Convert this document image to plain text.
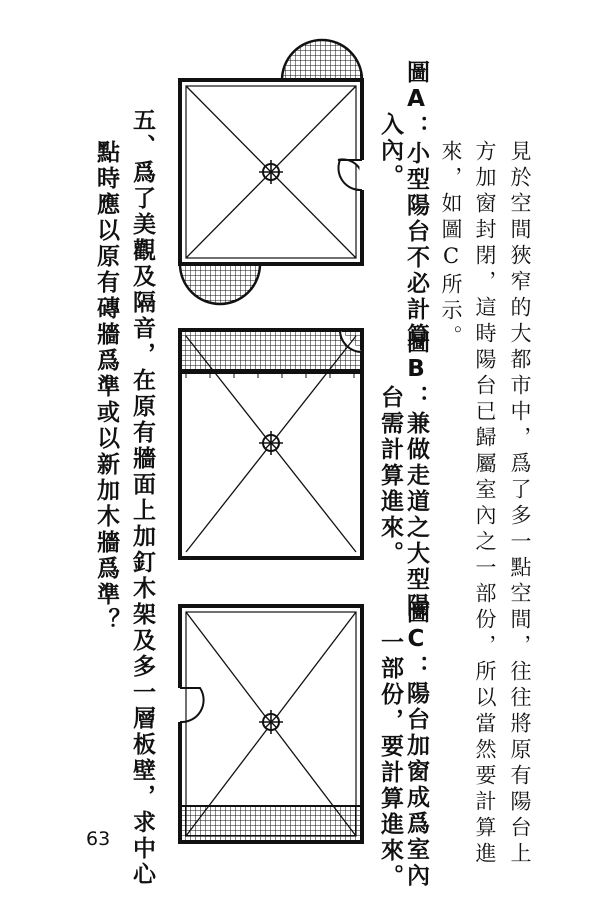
見於空間狹窄的大都市中，爲了多一點空間，往往將原有陽台上
方加窗封閉，這時陽台已歸屬室內之一部份，所以當然要計算進
來，如圖C所示。
圖A：小型陽台不必計算
入內。
圖B：兼做走道之大型陽
台需計算進來。
圖C：陽台加窗成爲室內
一部份，要計算進來。
五、爲了美觀及隔音，在原有牆面上加釘木架及多一層板壁，求中心
點時應以原有磚牆爲準或以新加木牆爲準？
63
